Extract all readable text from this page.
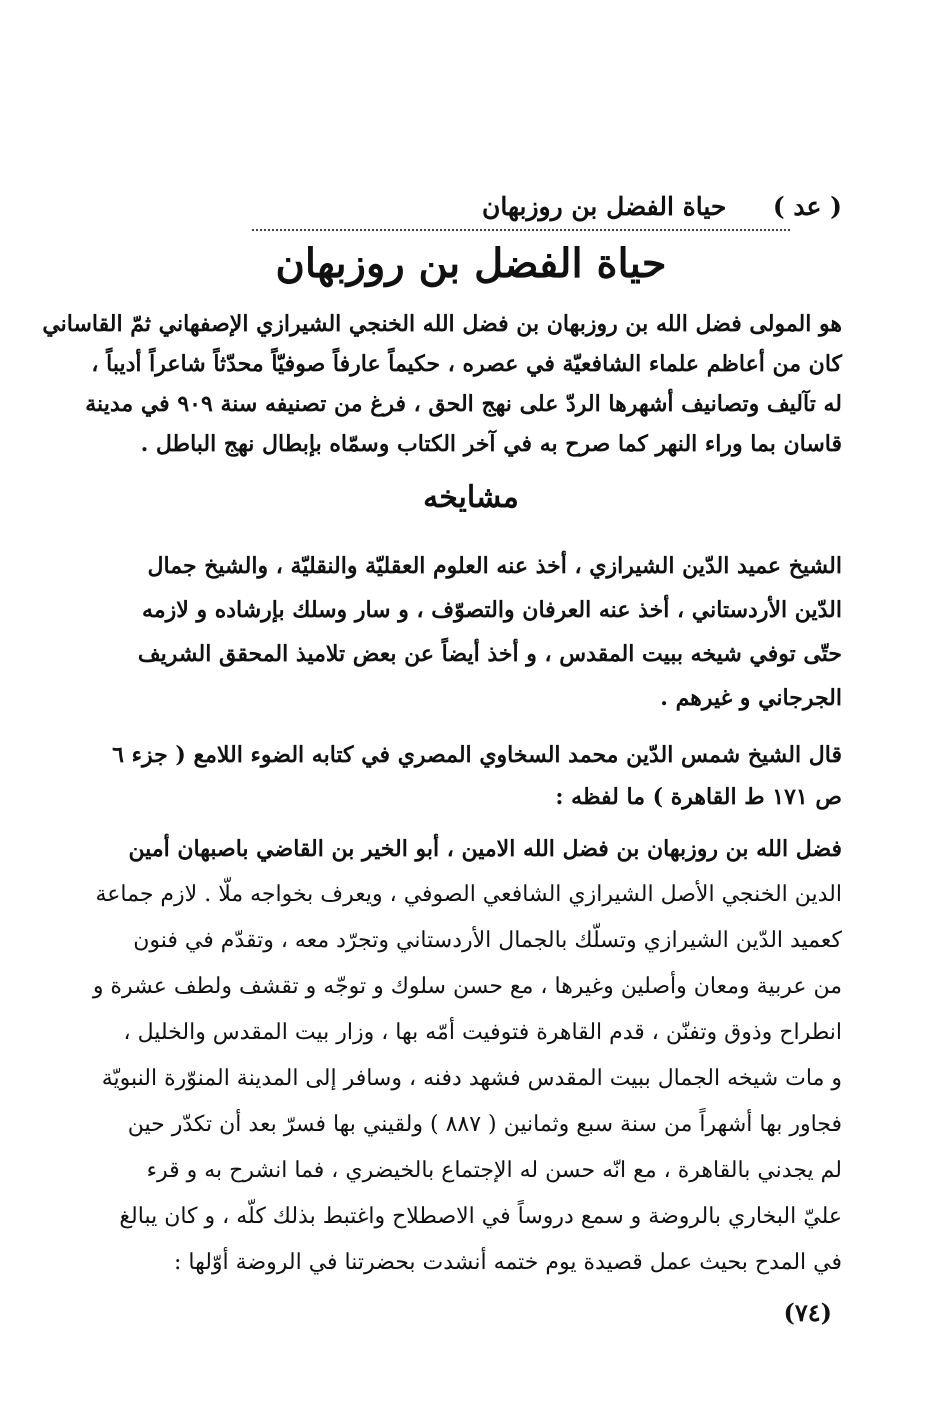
( عد )
حياة الفضل بن روزبهان
حياة الفضل بن روزبهان
هو المولى فضل الله بن روزبهان بن فضل الله الخنجي الشيرازي الإصفهاني ثمّ القاساني
كان من أعاظم علماء الشافعيّة في عصره ، حكيماً عارفاً صوفيّاً محدّثاً شاعراً أديباً ،
له تآليف وتصانيف أشهرها الردّ على نهج الحق ، فرغ من تصنيفه سنة ٩٠٩ في مدينة
قاسان بما وراء النهر كما صرح به في آخر الكتاب وسمّاه بإبطال نهج الباطل .
مشايخه
الشيخ عميد الدّين الشيرازي ، أخذ عنه العلوم العقليّة والنقليّة ، والشيخ جمال
الدّين الأردستاني ، أخذ عنه العرفان والتصوّف ، و سار وسلك بإرشاده و لازمه
حتّى توفي شيخه ببيت المقدس ، و أخذ أيضاً عن بعض تلاميذ المحقق الشريف
الجرجاني و غيرهم .
قال الشيخ شمس الدّين محمد السخاوي المصري في كتابه الضوء اللامع ( جزء ٦
ص ١٧١ ط القاهرة ) ما لفظه :
فضل الله بن روزبهان بن فضل الله الامين ، أبو الخير بن القاضي باصبهان أمين
الدين الخنجي الأصل الشيرازي الشافعي الصوفي ، ويعرف بخواجه ملّا . لازم جماعة
كعميد الدّين الشيرازي وتسلّك بالجمال الأردستاني وتجرّد معه ، وتقدّم في فنون
من عربية ومعان وأصلين وغيرها ، مع حسن سلوك و توجّه و تقشف ولطف عشرة و
انطراح وذوق وتفنّن ، قدم القاهرة فتوفيت أمّه بها ، وزار بيت المقدس والخليل ،
و مات شيخه الجمال ببيت المقدس فشهد دفنه ، وسافر إلى المدينة المنوّرة النبويّة
فجاور بها أشهراً من سنة سبع وثمانين ( ٨٨٧ ) ولقيني بها فسرّ بعد أن تكدّر حين
لم يجدني بالقاهرة ، مع انّه حسن له الإجتماع بالخيضري ، فما انشرح به و قرء
عليّ البخاري بالروضة و سمع دروساً في الاصطلاح واغتبط بذلك كلّه ، و كان يبالغ
في المدح بحيث عمل قصيدة يوم ختمه أنشدت بحضرتنا في الروضة أوّلها :
(٧٤)
